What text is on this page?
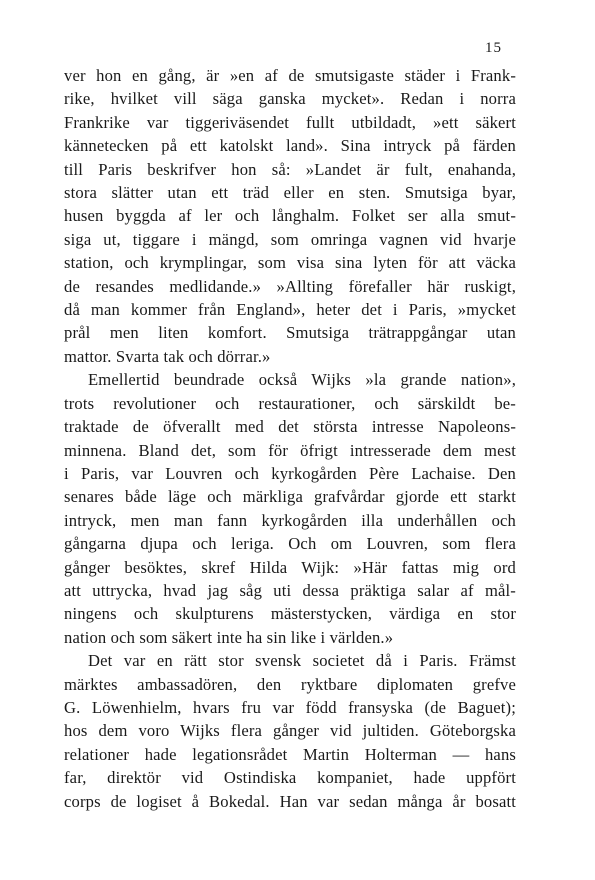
15
ver hon en gång, är »en af de smutsigaste städer i Frank-
rike, hvilket vill säga ganska mycket». Redan i norra
Frankrike var tiggeriväsendet fullt utbildadt, »ett säkert
kännetecken på ett katolskt land». Sina intryck på färden
till Paris beskrifver hon så: »Landet är fult, enahanda,
stora slätter utan ett träd eller en sten. Smutsiga byar,
husen byggda af ler och långhalm. Folket ser alla smut-
siga ut, tiggare i mängd, som omringa vagnen vid hvarje
station, och krymplingar, som visa sina lyten för att väcka
de resandes medlidande.» »Allting förefaller här ruskigt,
då man kommer från England», heter det i Paris, »mycket
prål men liten komfort. Smutsiga trätrappgångar utan
mattor. Svarta tak och dörrar.»
Emellertid beundrade också Wijks »la grande nation»,
trots revolutioner och restaurationer, och särskildt be-
traktade de öfverallt med det största intresse Napoleons-
minnena. Bland det, som för öfrigt intresserade dem mest
i Paris, var Louvren och kyrkogården Père Lachaise. Den
senares både läge och märkliga grafvårdar gjorde ett starkt
intryck, men man fann kyrkogården illa underhållen och
gångarna djupa och leriga. Och om Louvren, som flera
gånger besöktes, skref Hilda Wijk: »Här fattas mig ord
att uttrycka, hvad jag såg uti dessa präktiga salar af mål-
ningens och skulpturens mästerstycken, värdiga en stor
nation och som säkert inte ha sin like i världen.»
Det var en rätt stor svensk societet då i Paris. Främst
märktes ambassadören, den ryktbare diplomaten grefve
G. Löwenhielm, hvars fru var född fransyska (de Baguet);
hos dem voro Wijks flera gånger vid jultiden. Göteborgska
relationer hade legationsrådet Martin Holterman — hans
far, direktör vid Ostindiska kompaniet, hade uppfört
corps de logiset å Bokedal. Han var sedan många år bosatt
